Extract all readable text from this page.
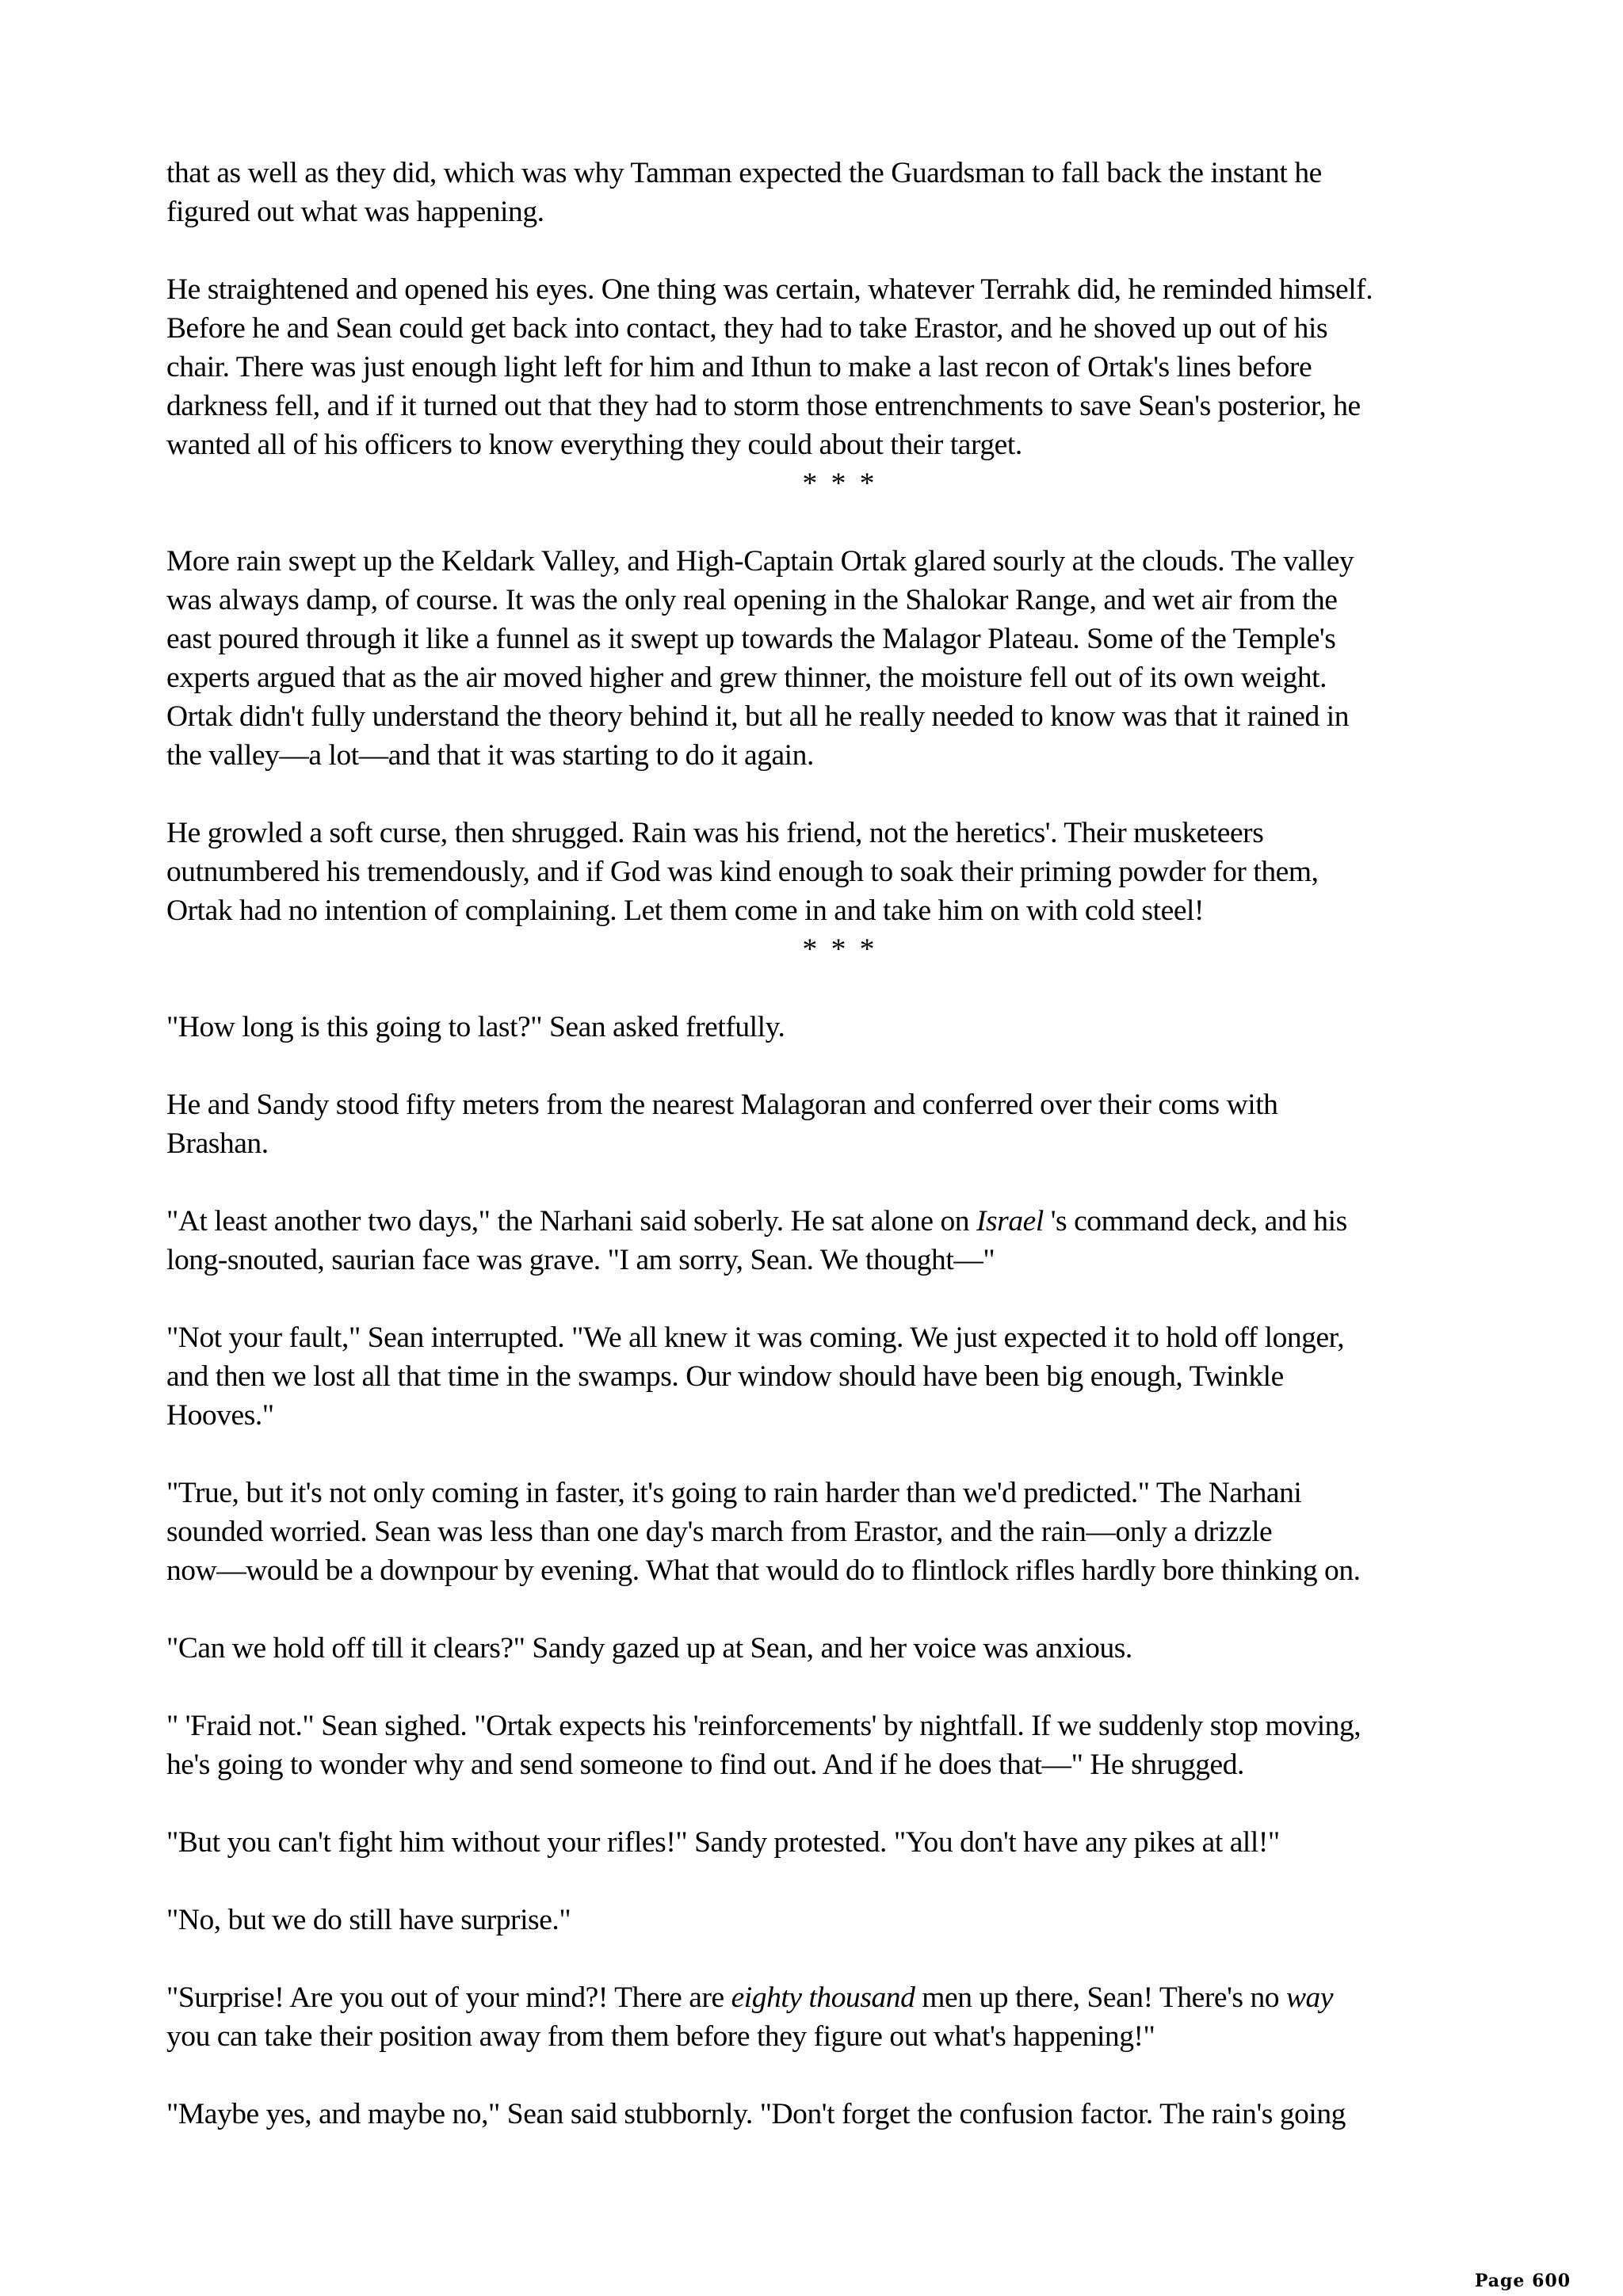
that as well as they did, which was why Tamman expected the Guardsman to fall back the instant he
figured out what was happening.

He straightened and opened his eyes. One thing was certain, whatever Terrahk did, he reminded himself.
Before he and Sean could get back into contact, they had to take Erastor, and he shoved up out of his
chair. There was just enough light left for him and Ithun to make a last recon of Ortak's lines before
darkness fell, and if it turned out that they had to storm those entrenchments to save Sean's posterior, he
wanted all of his officers to know everything they could about their target.

* * *

More rain swept up the Keldark Valley, and High-Captain Ortak glared sourly at the clouds. The valley
was always damp, of course. It was the only real opening in the Shalokar Range, and wet air from the
east poured through it like a funnel as it swept up towards the Malagor Plateau. Some of the Temple's
experts argued that as the air moved higher and grew thinner, the moisture fell out of its own weight.
Ortak didn't fully understand the theory behind it, but all he really needed to know was that it rained in
the valley—a lot—and that it was starting to do it again.

He growled a soft curse, then shrugged. Rain was his friend, not the heretics'. Their musketeers
outnumbered his tremendously, and if God was kind enough to soak their priming powder for them,
Ortak had no intention of complaining. Let them come in and take him on with cold steel!

* * *

"How long is this going to last?" Sean asked fretfully.

He and Sandy stood fifty meters from the nearest Malagoran and conferred over their coms with
Brashan.

"At least another two days," the Narhani said soberly. He sat alone on Israel 's command deck, and his
long-snouted, saurian face was grave. "I am sorry, Sean. We thought—"

"Not your fault," Sean interrupted. "We all knew it was coming. We just expected it to hold off longer,
and then we lost all that time in the swamps. Our window should have been big enough, Twinkle
Hooves."

"True, but it's not only coming in faster, it's going to rain harder than we'd predicted." The Narhani
sounded worried. Sean was less than one day's march from Erastor, and the rain—only a drizzle
now—would be a downpour by evening. What that would do to flintlock rifles hardly bore thinking on.

"Can we hold off till it clears?" Sandy gazed up at Sean, and her voice was anxious.

" 'Fraid not." Sean sighed. "Ortak expects his 'reinforcements' by nightfall. If we suddenly stop moving,
he's going to wonder why and send someone to find out. And if he does that—" He shrugged.

"But you can't fight him without your rifles!" Sandy protested. "You don't have any pikes at all!"

"No, but we do still have surprise."

"Surprise! Are you out of your mind?! There are eighty thousand men up there, Sean! There's no way
you can take their position away from them before they figure out what's happening!"

"Maybe yes, and maybe no," Sean said stubbornly. "Don't forget the confusion factor. The rain's going

Page 600
